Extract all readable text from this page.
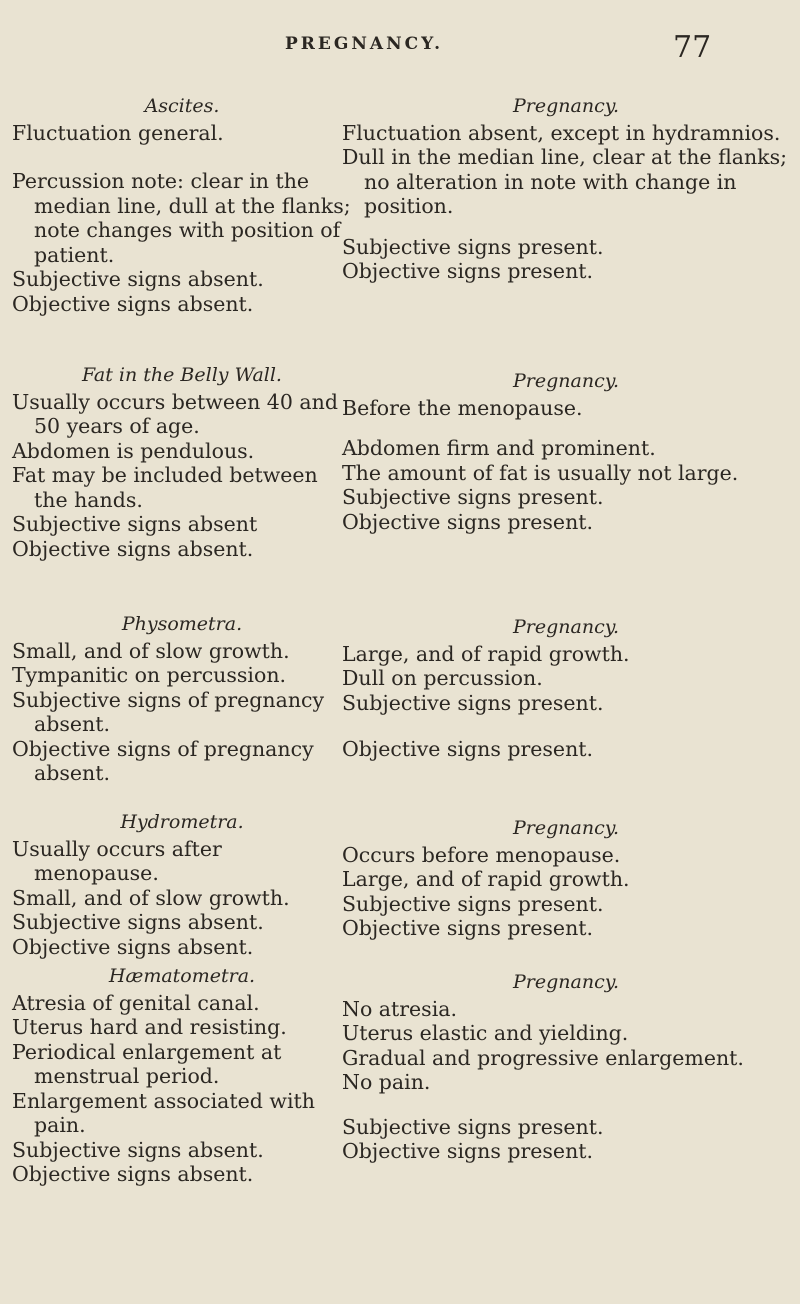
PREGNANCY.	77

Ascites.

Fluctuation general.

Percussion note: clear in the median line, dull at the flanks; note changes with position of patient.

Subjective signs absent.

Objective signs absent.

Fat in the Belly Wall.

Usually occurs between 40 and 50 years of age.

Abdomen is pendulous.

Fat may be included between the hands.

Subjective signs absent

Objective signs absent.

Physometra.

Small, and of slow growth.

Tympanitic on percussion.

Subjective signs of pregnancy absent.

Objective signs of pregnancy absent.

Hydrometra.

Usually occurs after menopause.

Small, and of slow growth.

Subjective signs absent.

Objective signs absent.

Hæmatometra.

Atresia of genital canal.

Uterus hard and resisting.

Periodical enlargement at menstrual period.

Enlargement associated with pain.

Subjective signs absent.

Objective signs absent.

Pregnancy.

Fluctuation absent, except in hydramnios.

Dull in the median line, clear at the flanks; no alteration in note with change in position.

Subjective signs present.

Objective signs present.

Pregnancy.

Before the menopause.

Abdomen firm and prominent.

The amount of fat is usually not large.

Subjective signs present.

Objective signs present.

Pregnancy.

Large, and of rapid growth.

Dull on percussion.

Subjective signs present.

Objective signs present.

Pregnancy.

Occurs before menopause.

Large, and of rapid growth.

Subjective signs present.

Objective signs present.

Pregnancy.

No atresia.

Uterus elastic and yielding.

Gradual and progressive enlargement.

No pain.

Subjective signs present.

Objective signs present.
